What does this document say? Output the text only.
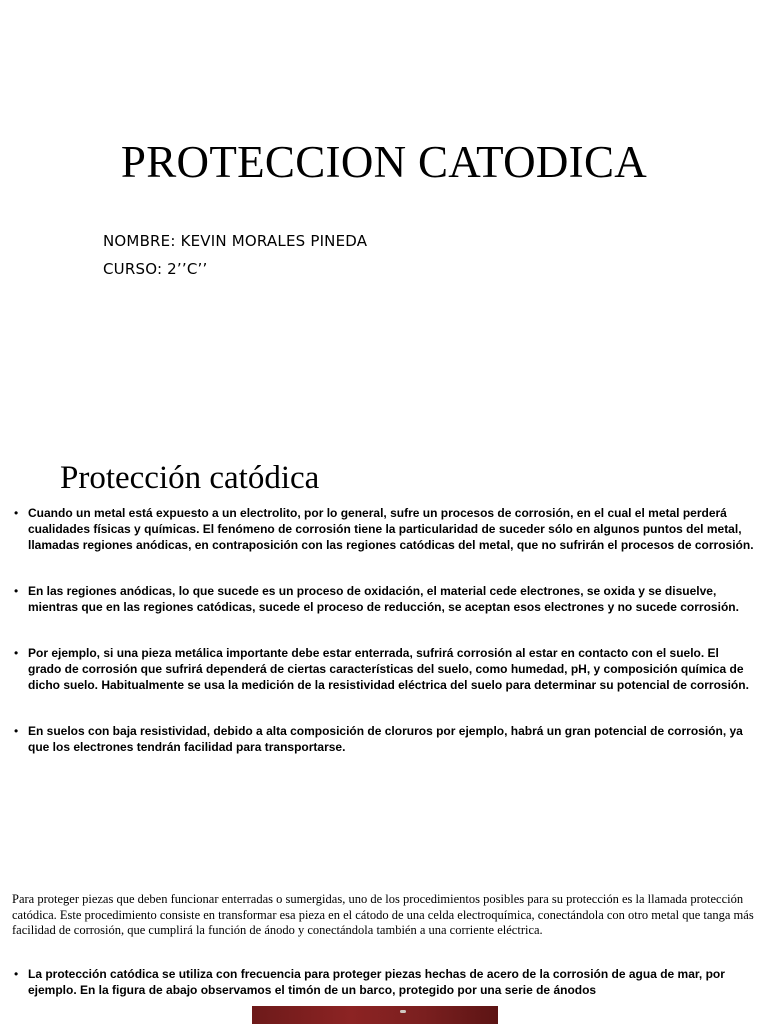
PROTECCION CATODICA
NOMBRE: KEVIN MORALES PINEDA
CURSO: 2’’C’’
Protección catódica
• Cuando un metal está expuesto a un electrolito, por lo general, sufre un procesos de corrosión, en el cual el metal perderá cualidades físicas y químicas. El fenómeno de corrosión tiene la particularidad de suceder sólo en algunos puntos del metal, llamadas regiones anódicas, en contraposición con las regiones catódicas del metal, que no sufrirán el procesos de corrosión.
• En las regiones anódicas, lo que sucede es un proceso de oxidación, el material cede electrones, se oxida y se disuelve, mientras que en las regiones catódicas, sucede el proceso de reducción, se aceptan esos electrones y no sucede corrosión.
• Por ejemplo, si una pieza metálica importante debe estar enterrada, sufrirá corrosión al estar en contacto con el suelo. El grado de corrosión que sufrirá dependerá de ciertas características del suelo, como humedad, pH, y composición química de dicho suelo. Habitualmente se usa la medición de la resistividad eléctrica del suelo para determinar su potencial de corrosión.
• En suelos con baja resistividad, debido a alta composición de cloruros por ejemplo, habrá un gran potencial de corrosión, ya que los electrones tendrán facilidad para transportarse.
Para proteger piezas que deben funcionar enterradas o sumergidas, uno de los procedimientos posibles para su protección es la llamada protección catódica. Este procedimiento consiste en transformar esa pieza en el cátodo de una celda electroquímica, conectándola con otro metal que tanga más facilidad de corrosión, que cumplirá la función de ánodo y conectándola también a una corriente eléctrica.
• La protección catódica se utiliza con frecuencia para proteger piezas hechas de acero de la corrosión de agua de mar, por ejemplo. En la figura de abajo observamos el timón de un barco, protegido por una serie de ánodos
